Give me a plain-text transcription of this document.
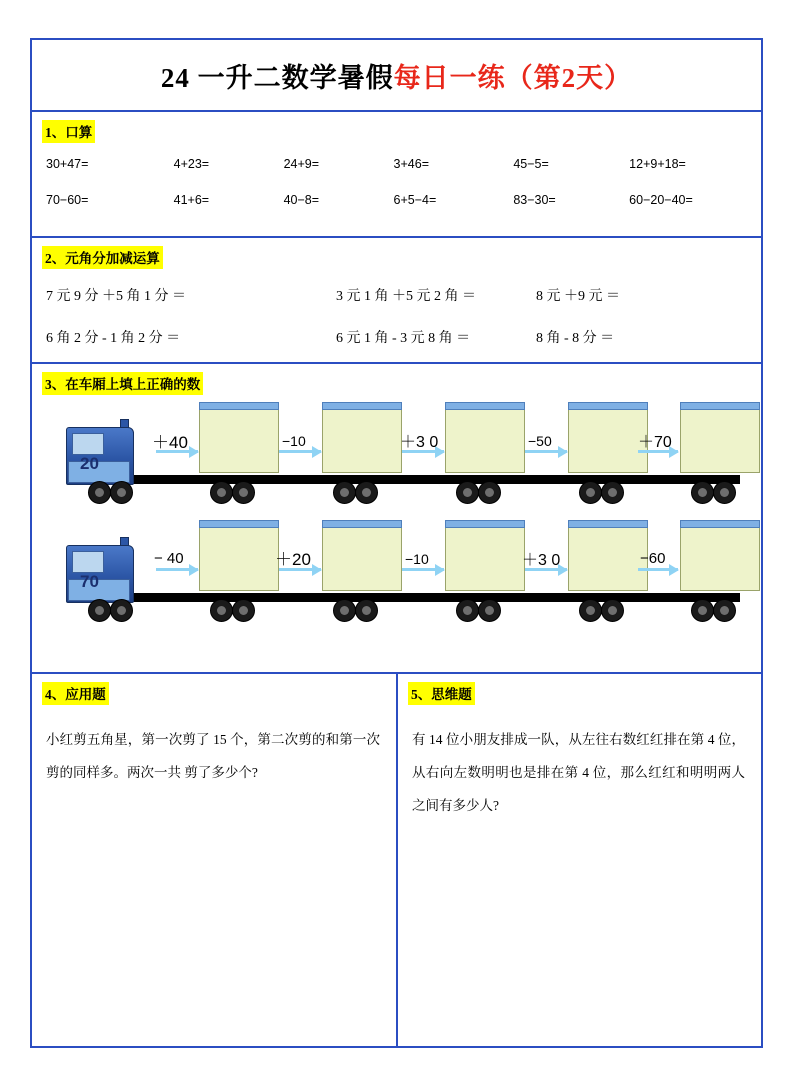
24 一升二数学暑假每日一练（第2天）
1、口算
30+47=	4+23=	24+9=	3+46=	45−5=	12+9+18=
70−60=	41+6=	40−8=	6+5−4=	83−30=	60−20−40=
2、元角分加减运算
7 元 9 分 ＋5 角 1 分 ＝	3 元 1 角 ＋5 元 2 角 ＝	8 元 ＋9 元 ＝
6 角 2 分 ‑ 1 角 2 分 ＝	6 元 1 角 ‑ 3 元 8 角 ＝	8 角 ‑ 8 分 ＝
3、在车厢上填上正确的数
20
＋40	−10	＋3 0	−50	＋70
70
− 40	＋20	−10	＋3 0	−60
4、应用题
小红剪五角星，第一次剪了 15 个，第二次剪的和第一次剪的同样多。两次一共 剪了多少个?
5、思维题
有 14 位小朋友排成一队，从左往右数红红排在第 4 位，从右向左数明明也是排在第 4 位，那么红红和明明两人之间有多少人?
